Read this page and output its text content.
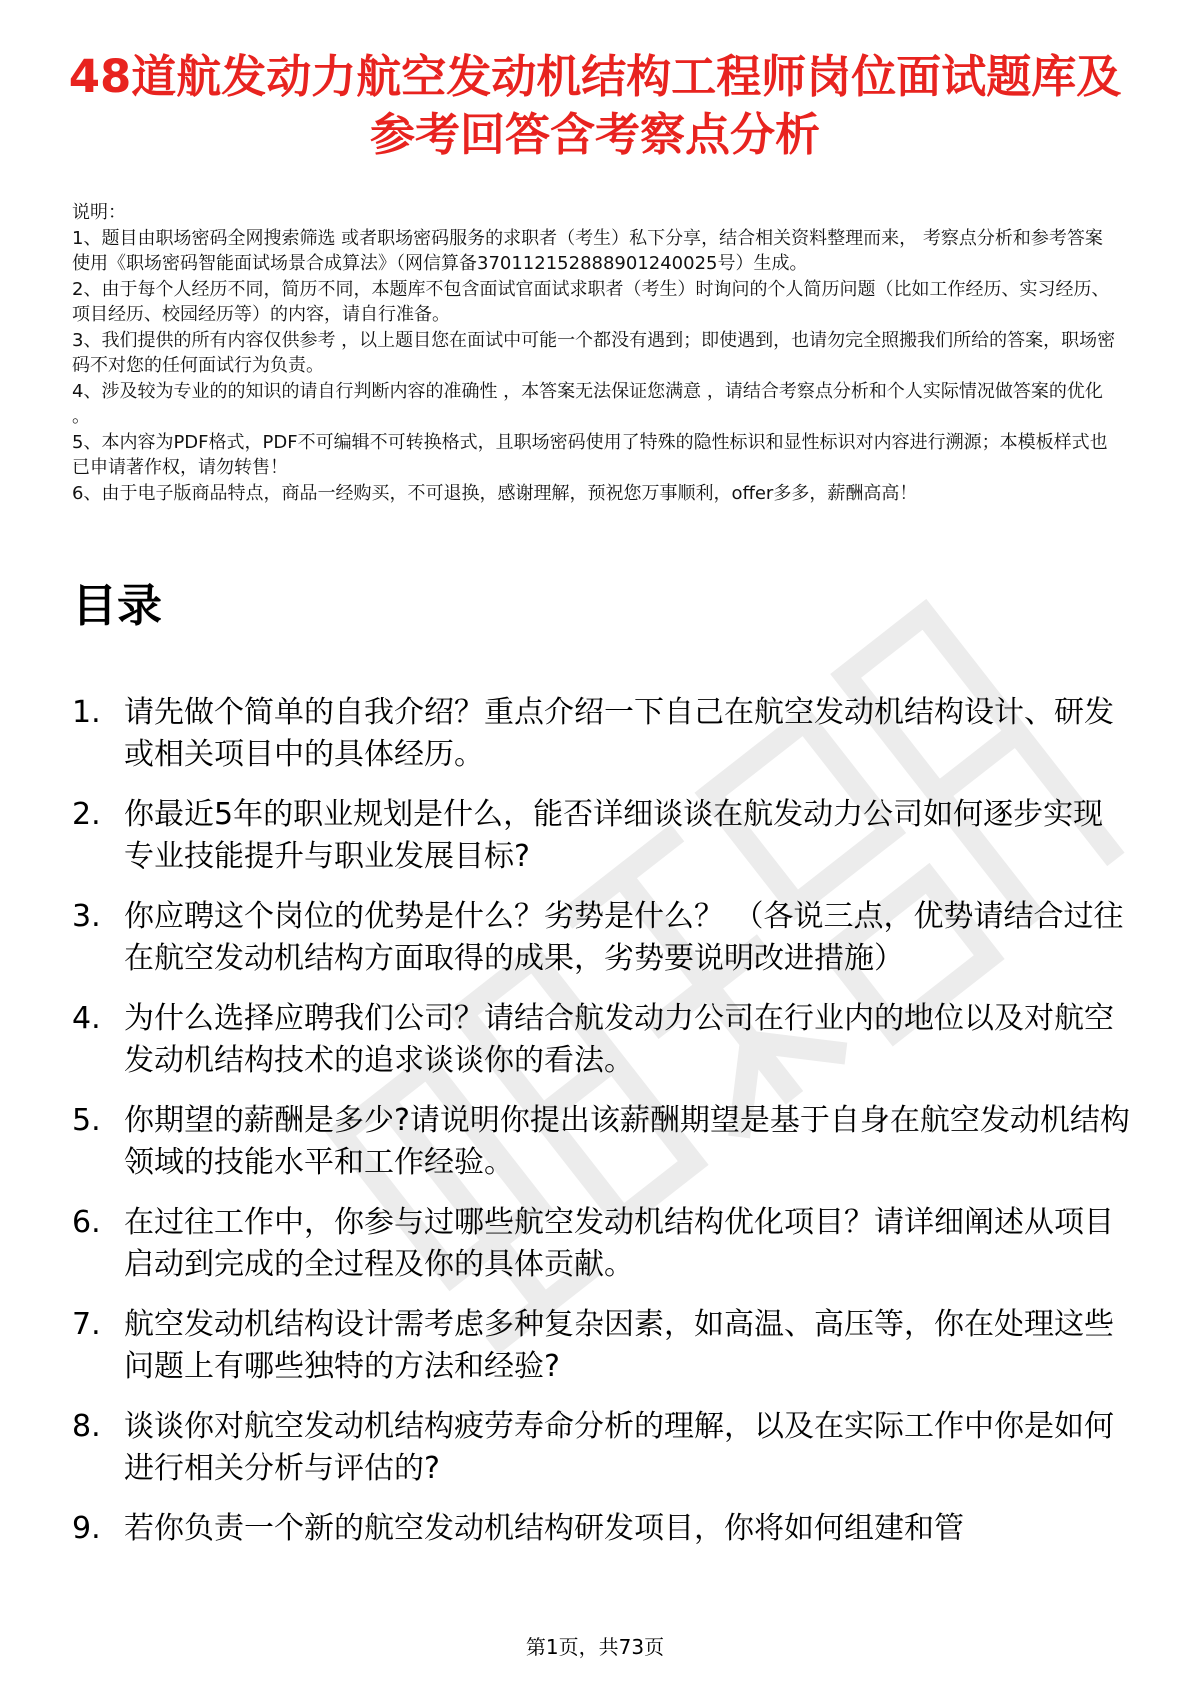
48道航发动力航空发动机结构工程师岗位面试题库及参考回答含考察点分析

说明：

1、题目由职场密码全网搜索筛选 或者职场密码服务的求职者（考生）私下分享，结合相关资料整理而来， 考察点分析和参考答案使用《职场密码智能面试场景合成算法》（网信算备370112152888901240025号）生成。

2、由于每个人经历不同，简历不同，本题库不包含面试官面试求职者（考生）时询问的个人简历问题（比如工作经历、实习经历、项目经历、校园经历等）的内容，请自行准备。

3、我们提供的所有内容仅供参考 ，以上题目您在面试中可能一个都没有遇到；即使遇到，也请勿完全照搬我们所给的答案，职场密码不对您的任何面试行为负责。

4、涉及较为专业的的知识的请自行判断内容的准确性 ，本答案无法保证您满意 ，请结合考察点分析和个人实际情况做答案的优化 。

5、本内容为PDF格式，PDF不可编辑不可转换格式，且职场密码使用了特殊的隐性标识和显性标识对内容进行溯源；本模板样式也已申请著作权，请勿转售！

6、由于电子版商品特点，商品一经购买，不可退换，感谢理解，预祝您万事顺利，offer多多，薪酬高高！

目录
1. 请先做个简单的自我介绍？重点介绍一下自己在航空发动机结构设计、研发或相关项目中的具体经历。
2. 你最近5年的职业规划是什么，能否详细谈谈在航发动力公司如何逐步实现专业技能提升与职业发展目标?
3. 你应聘这个岗位的优势是什么？劣势是什么？ （各说三点，优势请结合过往在航空发动机结构方面取得的成果，劣势要说明改进措施）
4. 为什么选择应聘我们公司？请结合航发动力公司在行业内的地位以及对航空发动机结构技术的追求谈谈你的看法。
5. 你期望的薪酬是多少?请说明你提出该薪酬期望是基于自身在航空发动机结构领域的技能水平和工作经验。
6. 在过往工作中，你参与过哪些航空发动机结构优化项目？请详细阐述从项目启动到完成的全过程及你的具体贡献。
7. 航空发动机结构设计需考虑多种复杂因素，如高温、高压等，你在处理这些问题上有哪些独特的方法和经验?
8. 谈谈你对航空发动机结构疲劳寿命分析的理解，以及在实际工作中你是如何进行相关分析与评估的?
9. 若你负责一个新的航空发动机结构研发项目，你将如何组建和管
第1页，共73页
